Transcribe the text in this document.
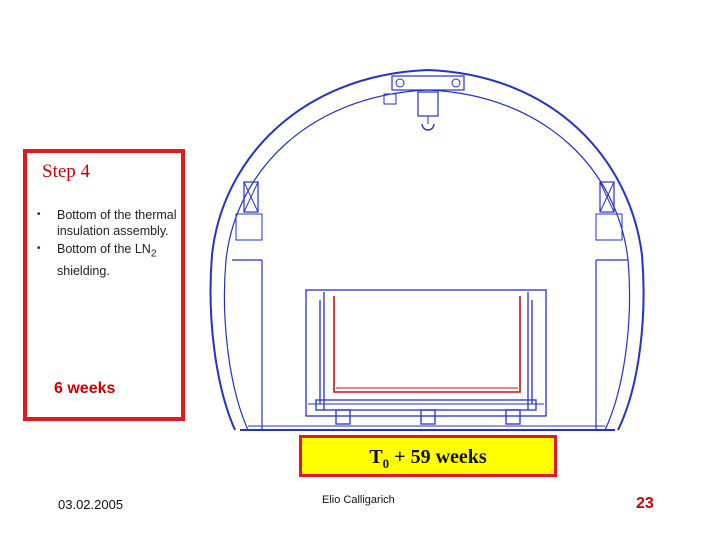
Step 4
• Bottom of the thermal insulation assembly.
• Bottom of the $LN_2$ shielding.
6 weeks
$T_0 + 59$ weeks
03.02.2005	Elio Calligarich	23
